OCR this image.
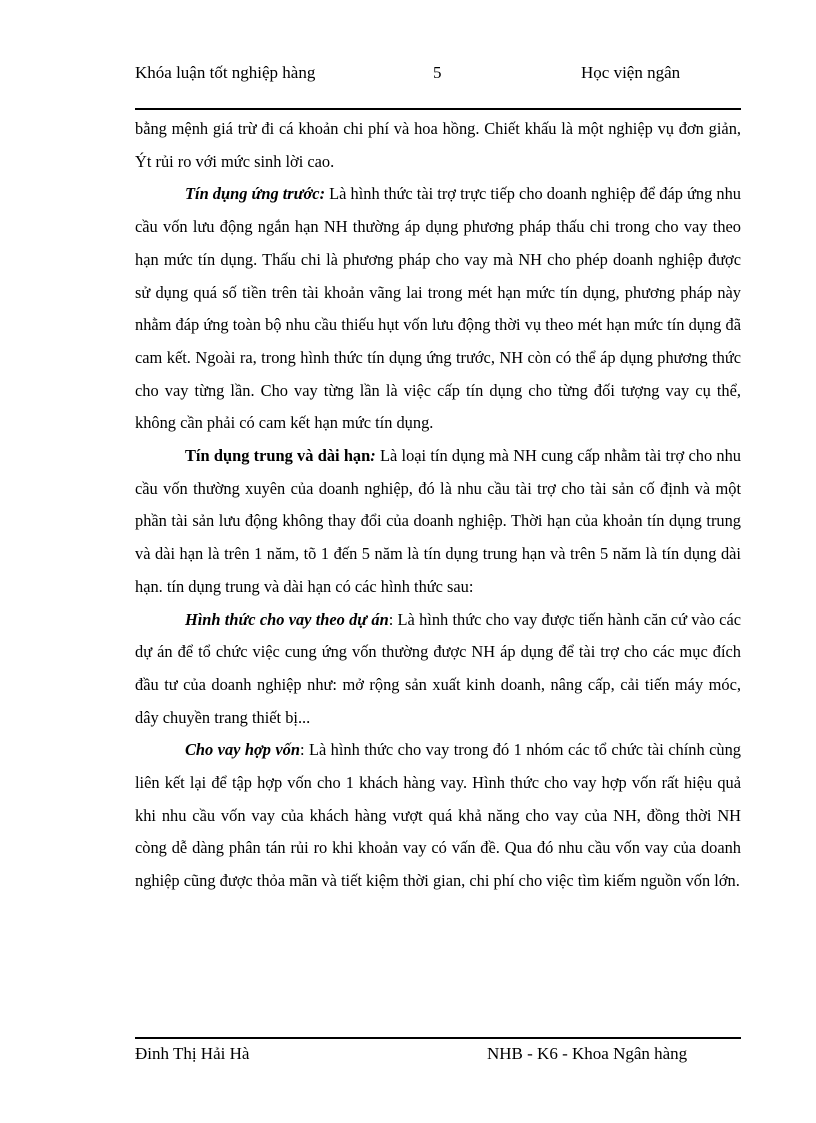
Khóa luận tốt nghiệp hàng	5	Học viện ngân

bằng mệnh giá trừ đi cá khoản chi phí và hoa hồng. Chiết khấu là một nghiệp vụ đơn giản, Ýt rủi ro với mức sinh lời cao.

Tín dụng ứng trước: Là hình thức tài trợ trực tiếp cho doanh nghiệp để đáp ứng nhu cầu vốn lưu động ngắn hạn NH thường áp dụng phương pháp thấu chi trong cho vay theo hạn mức tín dụng. Thấu chi là phương pháp cho vay mà NH cho phép doanh nghiệp được sử dụng quá số tiền trên tài khoản vãng lai trong mét hạn mức tín dụng, phương pháp này nhằm đáp ứng toàn bộ nhu cầu thiếu hụt vốn lưu động thời vụ theo mét hạn mức tín dụng đã cam kết. Ngoài ra, trong hình thức tín dụng ứng trước, NH còn có thể áp dụng phương thức cho vay từng lần. Cho vay từng lần là việc cấp tín dụng cho từng đối tượng vay cụ thể, không cần phải có cam kết hạn mức tín dụng.

Tín dụng trung và dài hạn: Là loại tín dụng mà NH cung cấp nhằm tài trợ cho nhu cầu vốn thường xuyên của doanh nghiệp, đó là nhu cầu tài trợ cho tài sản cố định và một phần tài sản lưu động không thay đổi của doanh nghiệp. Thời hạn của khoản tín dụng trung và dài hạn là trên 1 năm, tõ 1 đến 5 năm là tín dụng trung hạn và trên 5 năm là tín dụng dài hạn. tín dụng trung và dài hạn có các hình thức sau:

Hình thức cho vay theo dự án: Là hình thức cho vay được tiến hành căn cứ vào các dự án để tổ chức việc cung ứng vốn thường được NH áp dụng để tài trợ cho các mục đích đầu tư của doanh nghiệp như: mở rộng sản xuất kinh doanh, nâng cấp, cải tiến máy móc, dây chuyền trang thiết bị...

Cho vay hợp vốn: Là hình thức cho vay trong đó 1 nhóm các tổ chức tài chính cùng liên kết lại để tập hợp vốn cho 1 khách hàng vay. Hình thức cho vay hợp vốn rất hiệu quả khi nhu cầu vốn vay của khách hàng vượt quá khả năng cho vay của NH, đồng thời NH còng dễ dàng phân tán rủi ro khi khoản vay có vấn đề. Qua đó nhu cầu vốn vay của doanh nghiệp cũng được thỏa mãn và tiết kiệm thời gian, chi phí cho việc tìm kiếm nguồn vốn lớn.

Đinh Thị Hải Hà	NHB - K6 - Khoa Ngân hàng
